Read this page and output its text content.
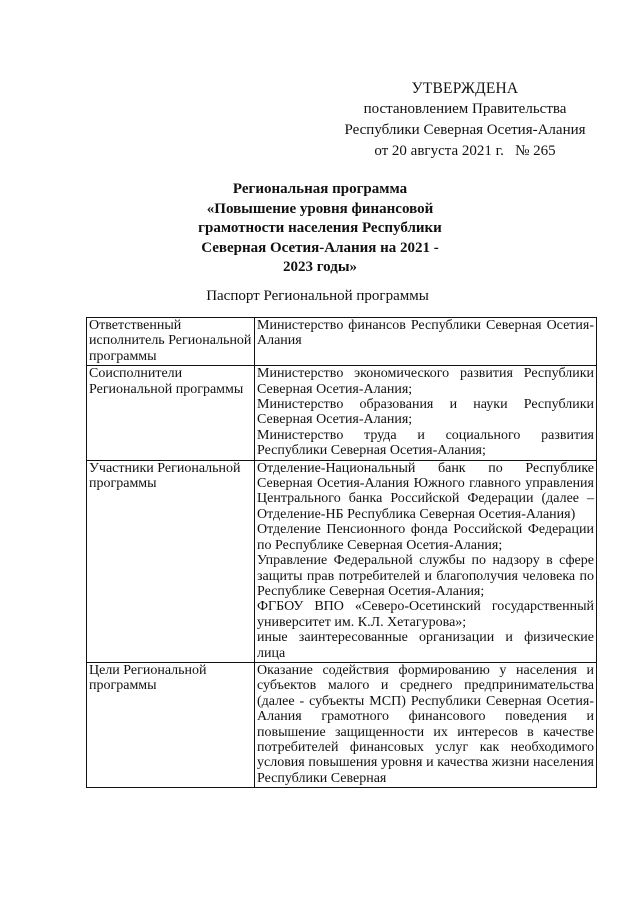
УТВЕРЖДЕНА
постановлением Правительства
Республики Северная Осетия-Алания
от 20 августа 2021 г.   № 265
Региональная программа
«Повышение уровня финансовой
грамотности населения Республики
Северная Осетия-Алания на 2021 -
2023 годы»
Паспорт Региональной программы
Ответственный исполнитель Региональной программы	Министерство финансов Республики Северная Осетия-Алания

Соисполнители Региональной программы	Министерство экономического развития Республики Северная Осетия-Алания;

Министерство образования и науки Республики Северная Осетия-Алания;

Министерство труда и социального развития Республики Северная Осетия-Алания;

Участники Региональной программы	Отделение-Национальный банк по Республике Северная Осетия-Алания Южного главного управления Центрального банка Российской Федерации (далее – Отделение-НБ Республика Северная Осетия-Алания)

Отделение Пенсионного фонда Российской Федерации по Республике Северная Осетия-Алания;

Управление Федеральной службы по надзору в сфере защиты прав потребителей и благополучия человека по Республике Северная Осетия-Алания;

ФГБОУ ВПО «Северо-Осетинский государственный университет им. К.Л. Хетагурова»;

иные заинтересованные организации и физические лица

Цели Региональной программы	Оказание содействия формированию у населения и субъектов малого и среднего предпринимательства (далее - субъекты МСП) Республики Северная Осетия-Алания грамотного финансового поведения и повышение защищенности их интересов в качестве потребителей финансовых услуг как необходимого условия повышения уровня и качества жизни населения Республики Северная
